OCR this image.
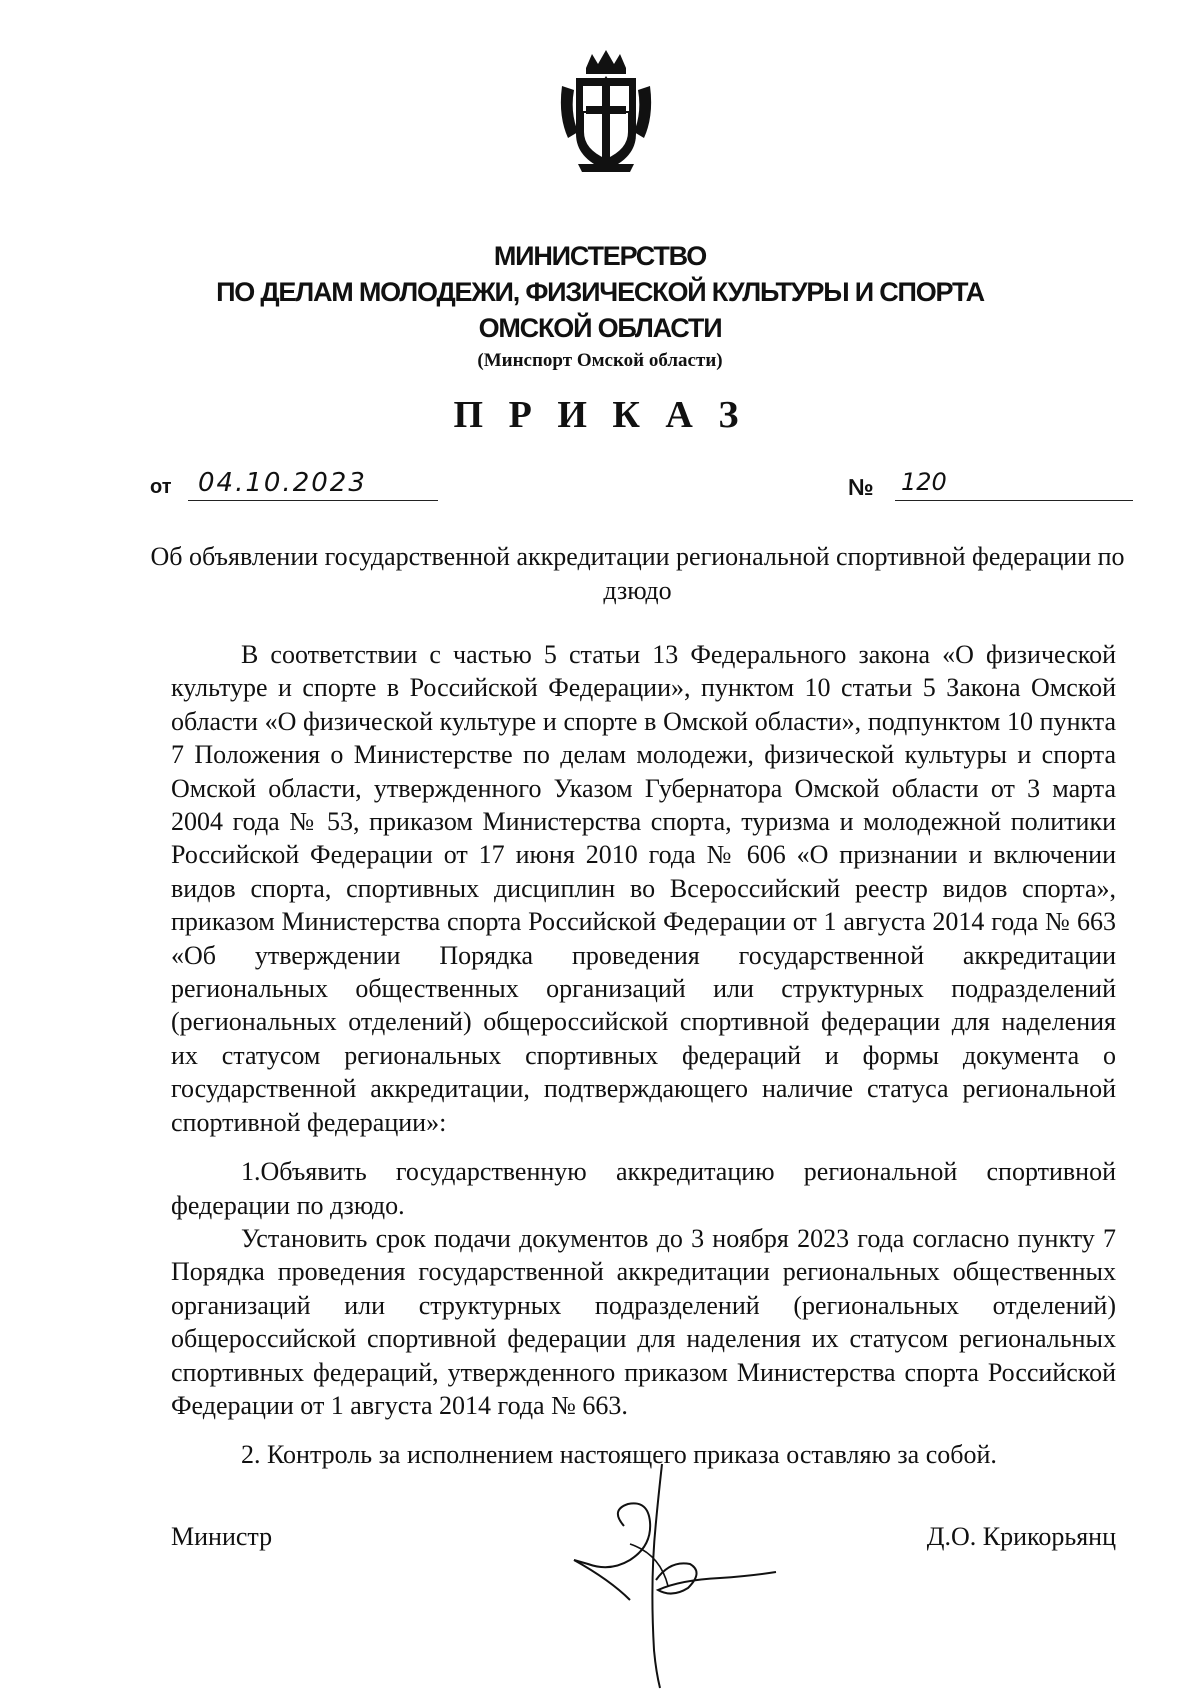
МИНИСТЕРСТВО
ПО ДЕЛАМ МОЛОДЕЖИ, ФИЗИЧЕСКОЙ КУЛЬТУРЫ И СПОРТА
ОМСКОЙ ОБЛАСТИ
(Минспорт Омской области)
П Р И К А З
от	04.10.2023	№ 120
Об объявлении государственной аккредитации региональной спортивной федерации по дзюдо

В соответствии с частью 5 статьи 13 Федерального закона «О физической культуре и спорте в Российской Федерации», пунктом 10 статьи 5 Закона Омской области «О физической культуре и спорте в Омской области», подпунктом 10 пункта 7 Положения о Министерстве по делам молодежи, физической культуры и спорта Омской области, утвержденного Указом Губернатора Омской области от 3 марта 2004 года № 53, приказом Министерства спорта, туризма и молодежной политики Российской Федерации от 17 июня 2010 года № 606 «О признании и включении видов спорта, спортивных дисциплин во Всероссийский реестр видов спорта», приказом Министерства спорта Российской Федерации от 1 августа 2014 года № 663 «Об утверждении Порядка проведения государственной аккредитации региональных общественных организаций или структурных подразделений (региональных отделений) общероссийской спортивной федерации для наделения их статусом региональных спортивных федераций и формы документа о государственной аккредитации, подтверждающего наличие статуса региональной спортивной федерации»:

1.Объявить государственную аккредитацию региональной спортивной федерации по дзюдо.

Установить срок подачи документов до 3 ноября 2023 года согласно пункту 7 Порядка проведения государственной аккредитации региональных общественных организаций или структурных подразделений (региональных отделений) общероссийской спортивной федерации для наделения их статусом региональных спортивных федераций, утвержденного приказом Министерства спорта Российской Федерации от 1 августа 2014 года № 663.

2. Контроль за исполнением настоящего приказа оставляю за собой.

Министр	Д.О. Крикорьянц
